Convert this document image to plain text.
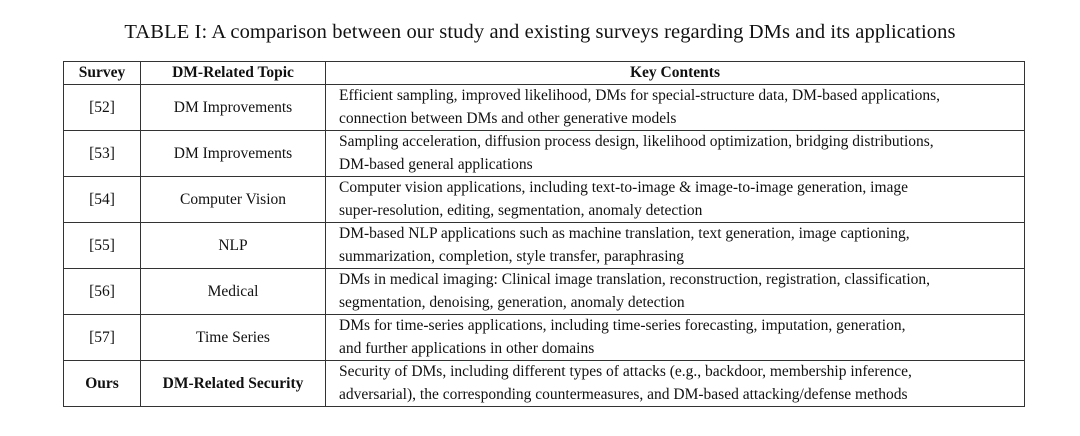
TABLE I: A comparison between our study and existing surveys regarding DMs and its applications
Survey	DM-Related Topic	Key Contents
[52]	DM Improvements	Efficient sampling, improved likelihood, DMs for special-structure data, DM-based applications,
connection between DMs and other generative models

[53]	DM Improvements	Sampling acceleration, diffusion process design, likelihood optimization, bridging distributions,
DM-based general applications

[54]	Computer Vision	Computer vision applications, including text-to-image & image-to-image generation, image
super-resolution, editing, segmentation, anomaly detection

[55]	NLP	DM-based NLP applications such as machine translation, text generation, image captioning,
summarization, completion, style transfer, paraphrasing

[56]	Medical	DMs in medical imaging: Clinical image translation, reconstruction, registration, classification,
segmentation, denoising, generation, anomaly detection

[57]	Time Series	DMs for time-series applications, including time-series forecasting, imputation, generation,
and further applications in other domains

Ours	DM-Related Security	Security of DMs, including different types of attacks (e.g., backdoor, membership inference,
adversarial), the corresponding countermeasures, and DM-based attacking/defense methods
